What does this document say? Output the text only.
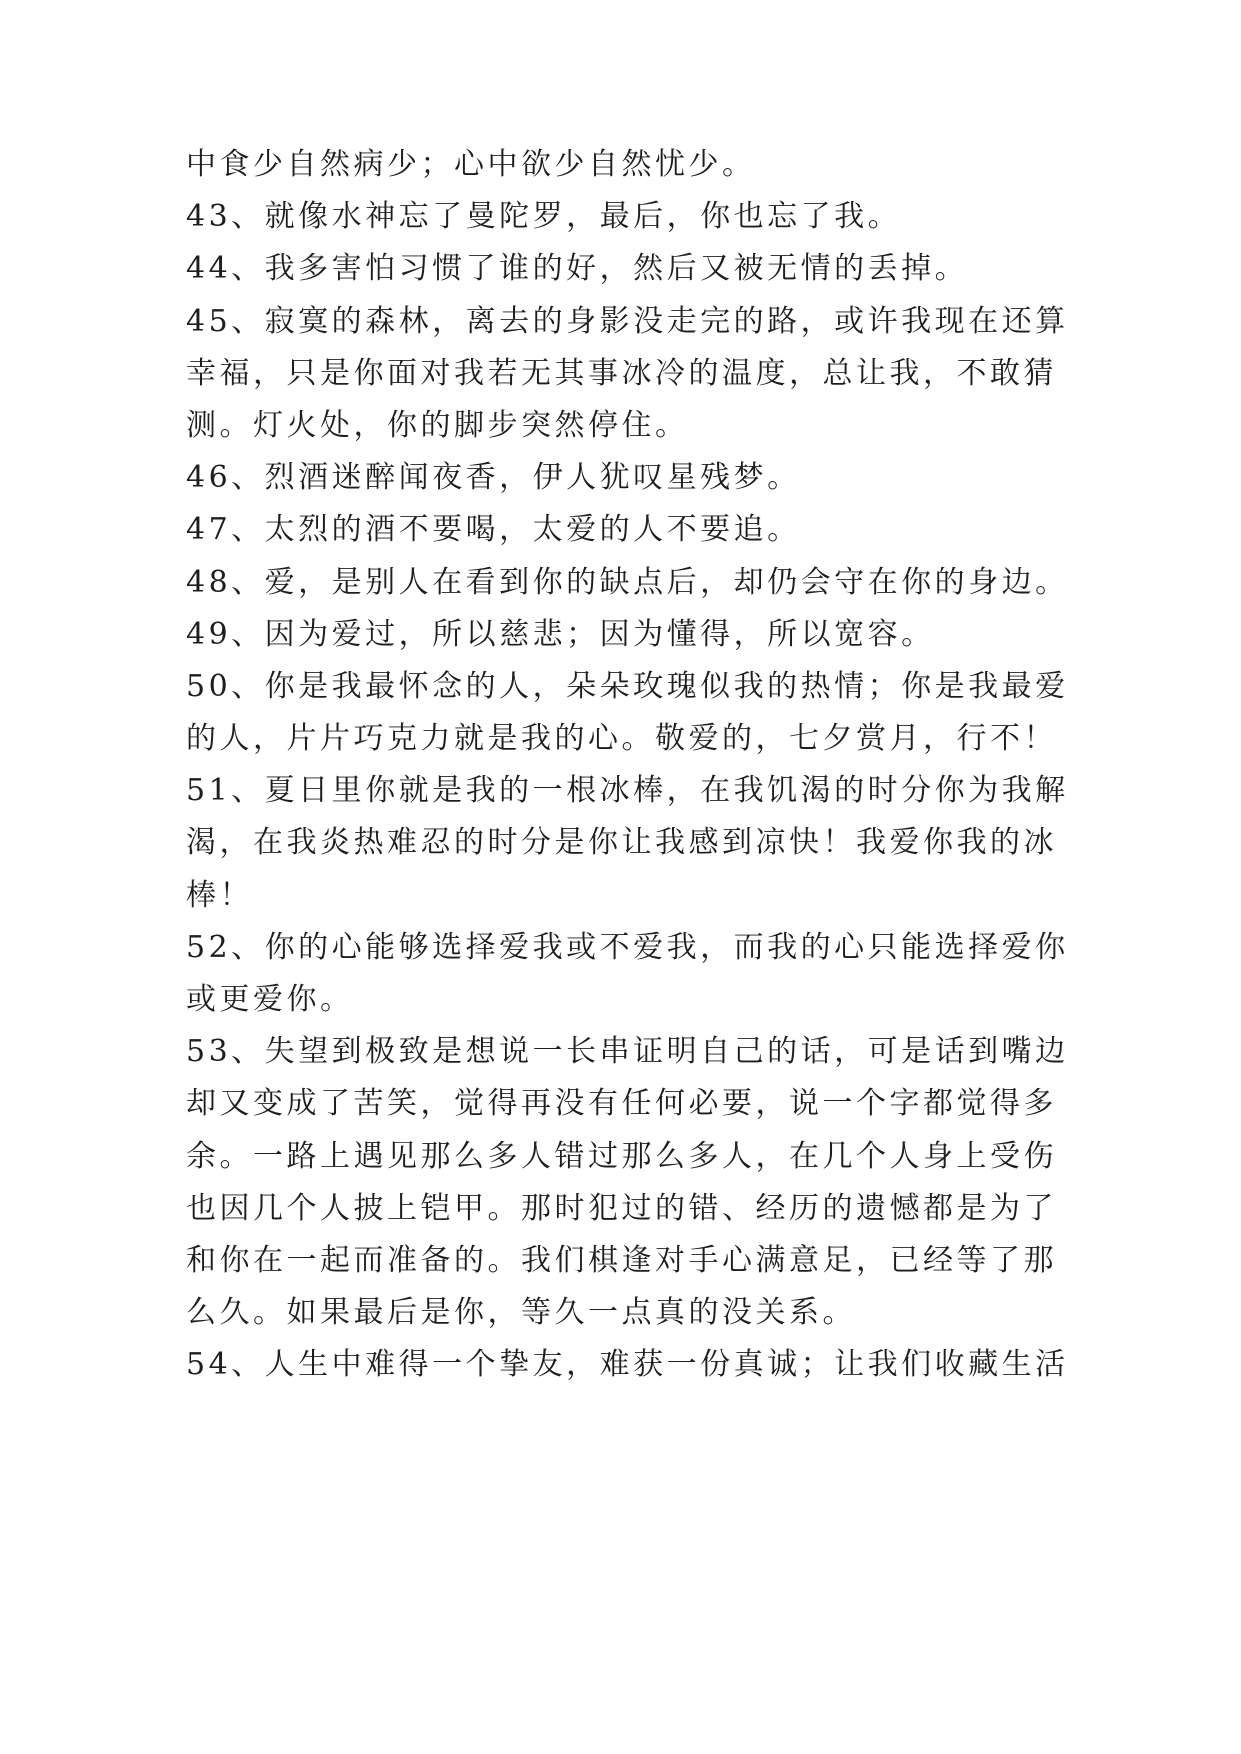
中食少自然病少；心中欲少自然忧少。
43、就像水神忘了曼陀罗，最后，你也忘了我。
44、我多害怕习惯了谁的好，然后又被无情的丢掉。
45、寂寞的森林，离去的身影没走完的路，或许我现在还算
幸福，只是你面对我若无其事冰冷的温度，总让我，不敢猜
测。灯火处，你的脚步突然停住。
46、烈酒迷醉闻夜香，伊人犹叹星残梦。
47、太烈的酒不要喝，太爱的人不要追。
48、爱，是别人在看到你的缺点后，却仍会守在你的身边。
49、因为爱过，所以慈悲；因为懂得，所以宽容。
50、你是我最怀念的人，朵朵玫瑰似我的热情；你是我最爱
的人，片片巧克力就是我的心。敬爱的，七夕赏月，行不！
51、夏日里你就是我的一根冰棒，在我饥渴的时分你为我解
渴，在我炎热难忍的时分是你让我感到凉快！我爱你我的冰
棒！
52、你的心能够选择爱我或不爱我，而我的心只能选择爱你
或更爱你。
53、失望到极致是想说一长串证明自己的话，可是话到嘴边
却又变成了苦笑，觉得再没有任何必要，说一个字都觉得多
余。一路上遇见那么多人错过那么多人，在几个人身上受伤
也因几个人披上铠甲。那时犯过的错、经历的遗憾都是为了
和你在一起而准备的。我们棋逢对手心满意足，已经等了那
么久。如果最后是你，等久一点真的没关系。
54、人生中难得一个挚友，难获一份真诚；让我们收藏生活
